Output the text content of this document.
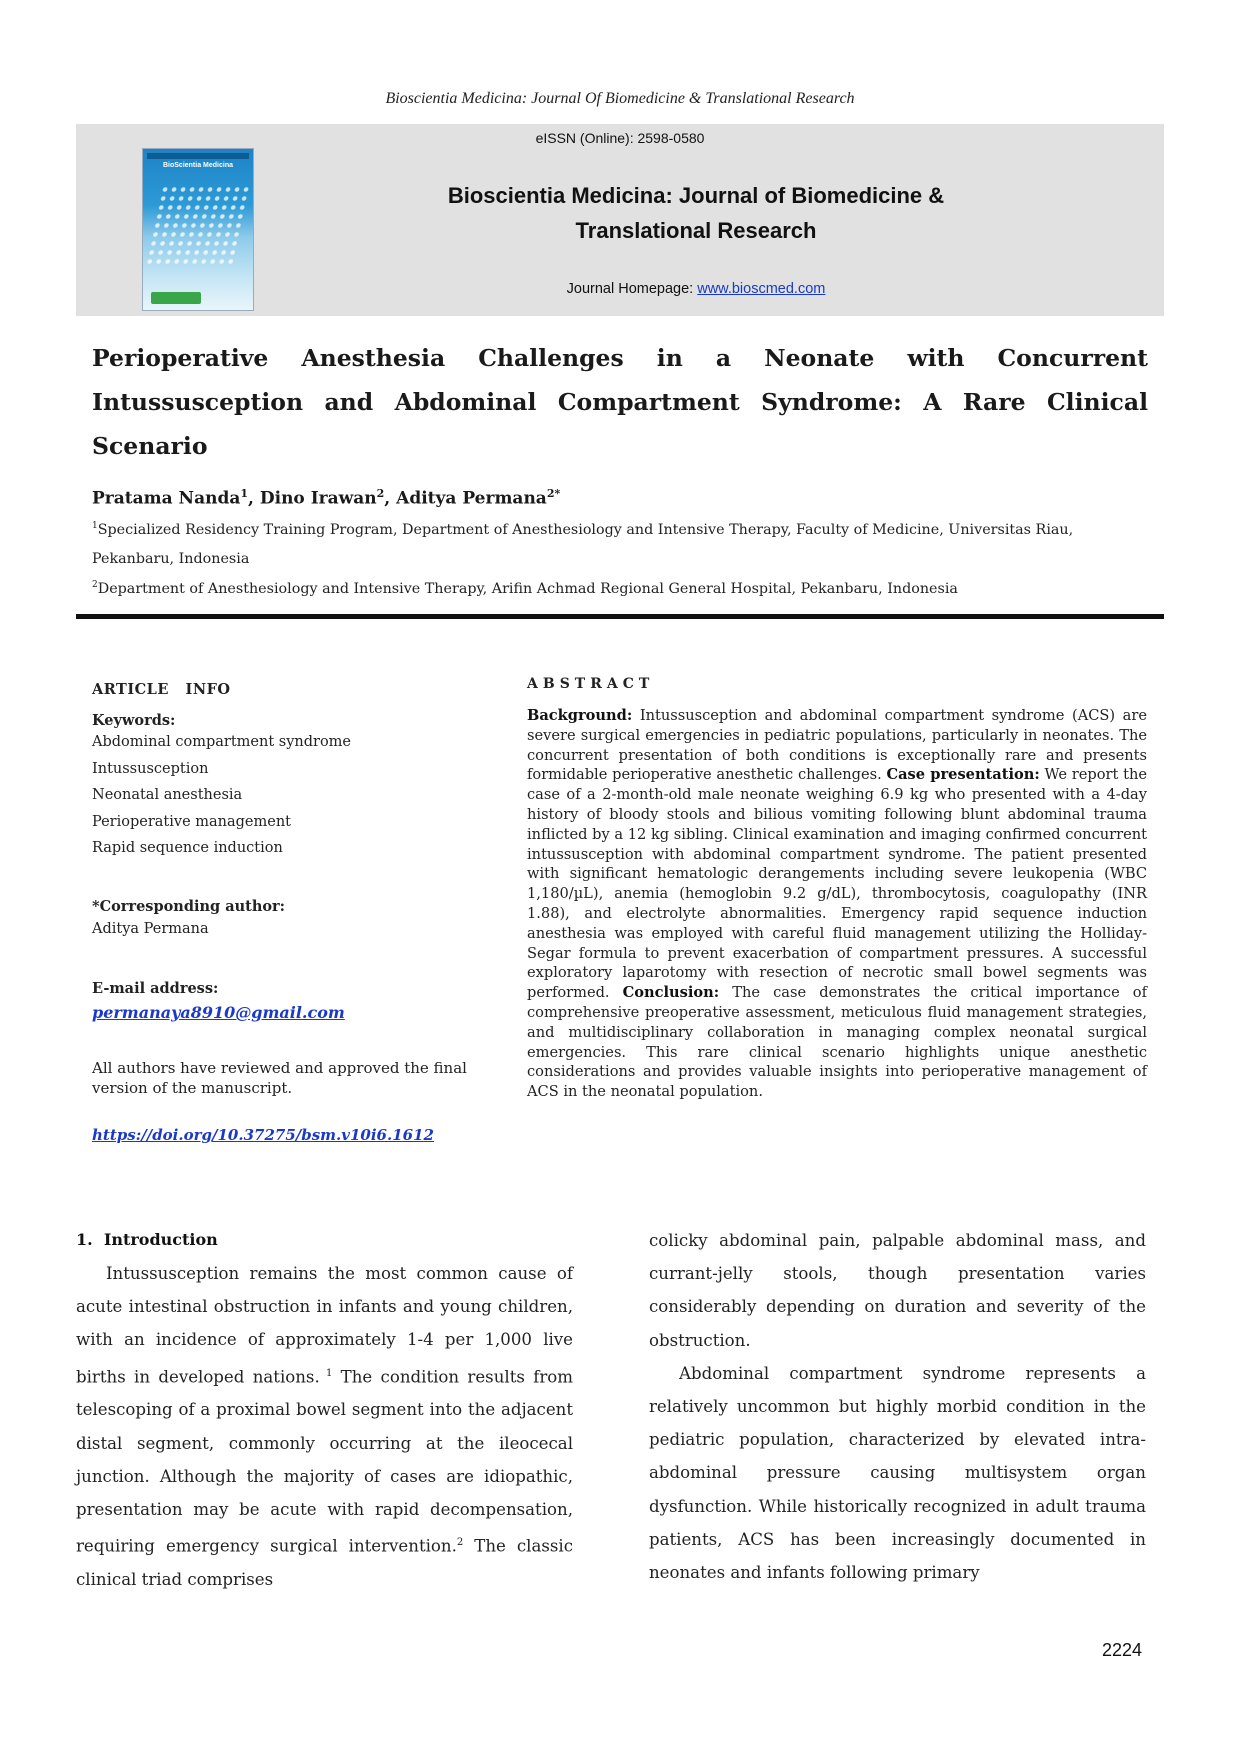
Bioscientia Medicina: Journal Of Biomedicine & Translational Research
eISSN (Online): 2598-0580
BioScientia Medicina
Bioscientia Medicina: Journal of Biomedicine &
Translational Research
Journal Homepage: www.bioscmed.com
Perioperative Anesthesia Challenges in a Neonate with Concurrent Intussusception and Abdominal Compartment Syndrome: A Rare Clinical Scenario
Pratama Nanda$^1$, Dino Irawan$^2$, Aditya Permana$^{2*}$
$^1$Specialized Residency Training Program, Department of Anesthesiology and Intensive Therapy, Faculty of Medicine, Universitas Riau, Pekanbaru, Indonesia
$^2$Department of Anesthesiology and Intensive Therapy, Arifin Achmad Regional General Hospital, Pekanbaru, Indonesia
ARTICLE   INFO
Keywords:
Abdominal compartment syndrome
Intussusception
Neonatal anesthesia
Perioperative management
Rapid sequence induction
*Corresponding author:
Aditya Permana
E-mail address:
permanaya8910@gmail.com
All authors have reviewed and approved the final version of the manuscript.
https://doi.org/10.37275/bsm.v10i6.1612
ABSTRACT
Background: Intussusception and abdominal compartment syndrome (ACS) are severe surgical emergencies in pediatric populations, particularly in neonates. The concurrent presentation of both conditions is exceptionally rare and presents formidable perioperative anesthetic challenges. Case presentation: We report the case of a 2-month-old male neonate weighing 6.9 kg who presented with a 4-day history of bloody stools and bilious vomiting following blunt abdominal trauma inflicted by a 12 kg sibling. Clinical examination and imaging confirmed concurrent intussusception with abdominal compartment syndrome. The patient presented with significant hematologic derangements including severe leukopenia (WBC 1,180/µL), anemia (hemoglobin 9.2 g/dL), thrombocytosis, coagulopathy (INR 1.88), and electrolyte abnormalities. Emergency rapid sequence induction anesthesia was employed with careful fluid management utilizing the Holliday-Segar formula to prevent exacerbation of compartment pressures. A successful exploratory laparotomy with resection of necrotic small bowel segments was performed. Conclusion: The case demonstrates the critical importance of comprehensive preoperative assessment, meticulous fluid management strategies, and multidisciplinary collaboration in managing complex neonatal surgical emergencies. This rare clinical scenario highlights unique anesthetic considerations and provides valuable insights into perioperative management of ACS in the neonatal population.
1.  Introduction

Intussusception remains the most common cause of acute intestinal obstruction in infants and young children, with an incidence of approximately 1-4 per 1,000 live births in developed nations. $^1$ The condition results from telescoping of a proximal bowel segment into the adjacent distal segment, commonly occurring at the ileocecal junction. Although the majority of cases are idiopathic, presentation may be acute with rapid decompensation, requiring emergency surgical intervention.$^2$ The classic clinical triad comprises

colicky abdominal pain, palpable abdominal mass, and currant-jelly stools, though presentation varies considerably depending on duration and severity of the obstruction.

Abdominal compartment syndrome represents a relatively uncommon but highly morbid condition in the pediatric population, characterized by elevated intra-abdominal pressure causing multisystem organ dysfunction. While historically recognized in adult trauma patients, ACS has been increasingly documented in neonates and infants following primary

2224
